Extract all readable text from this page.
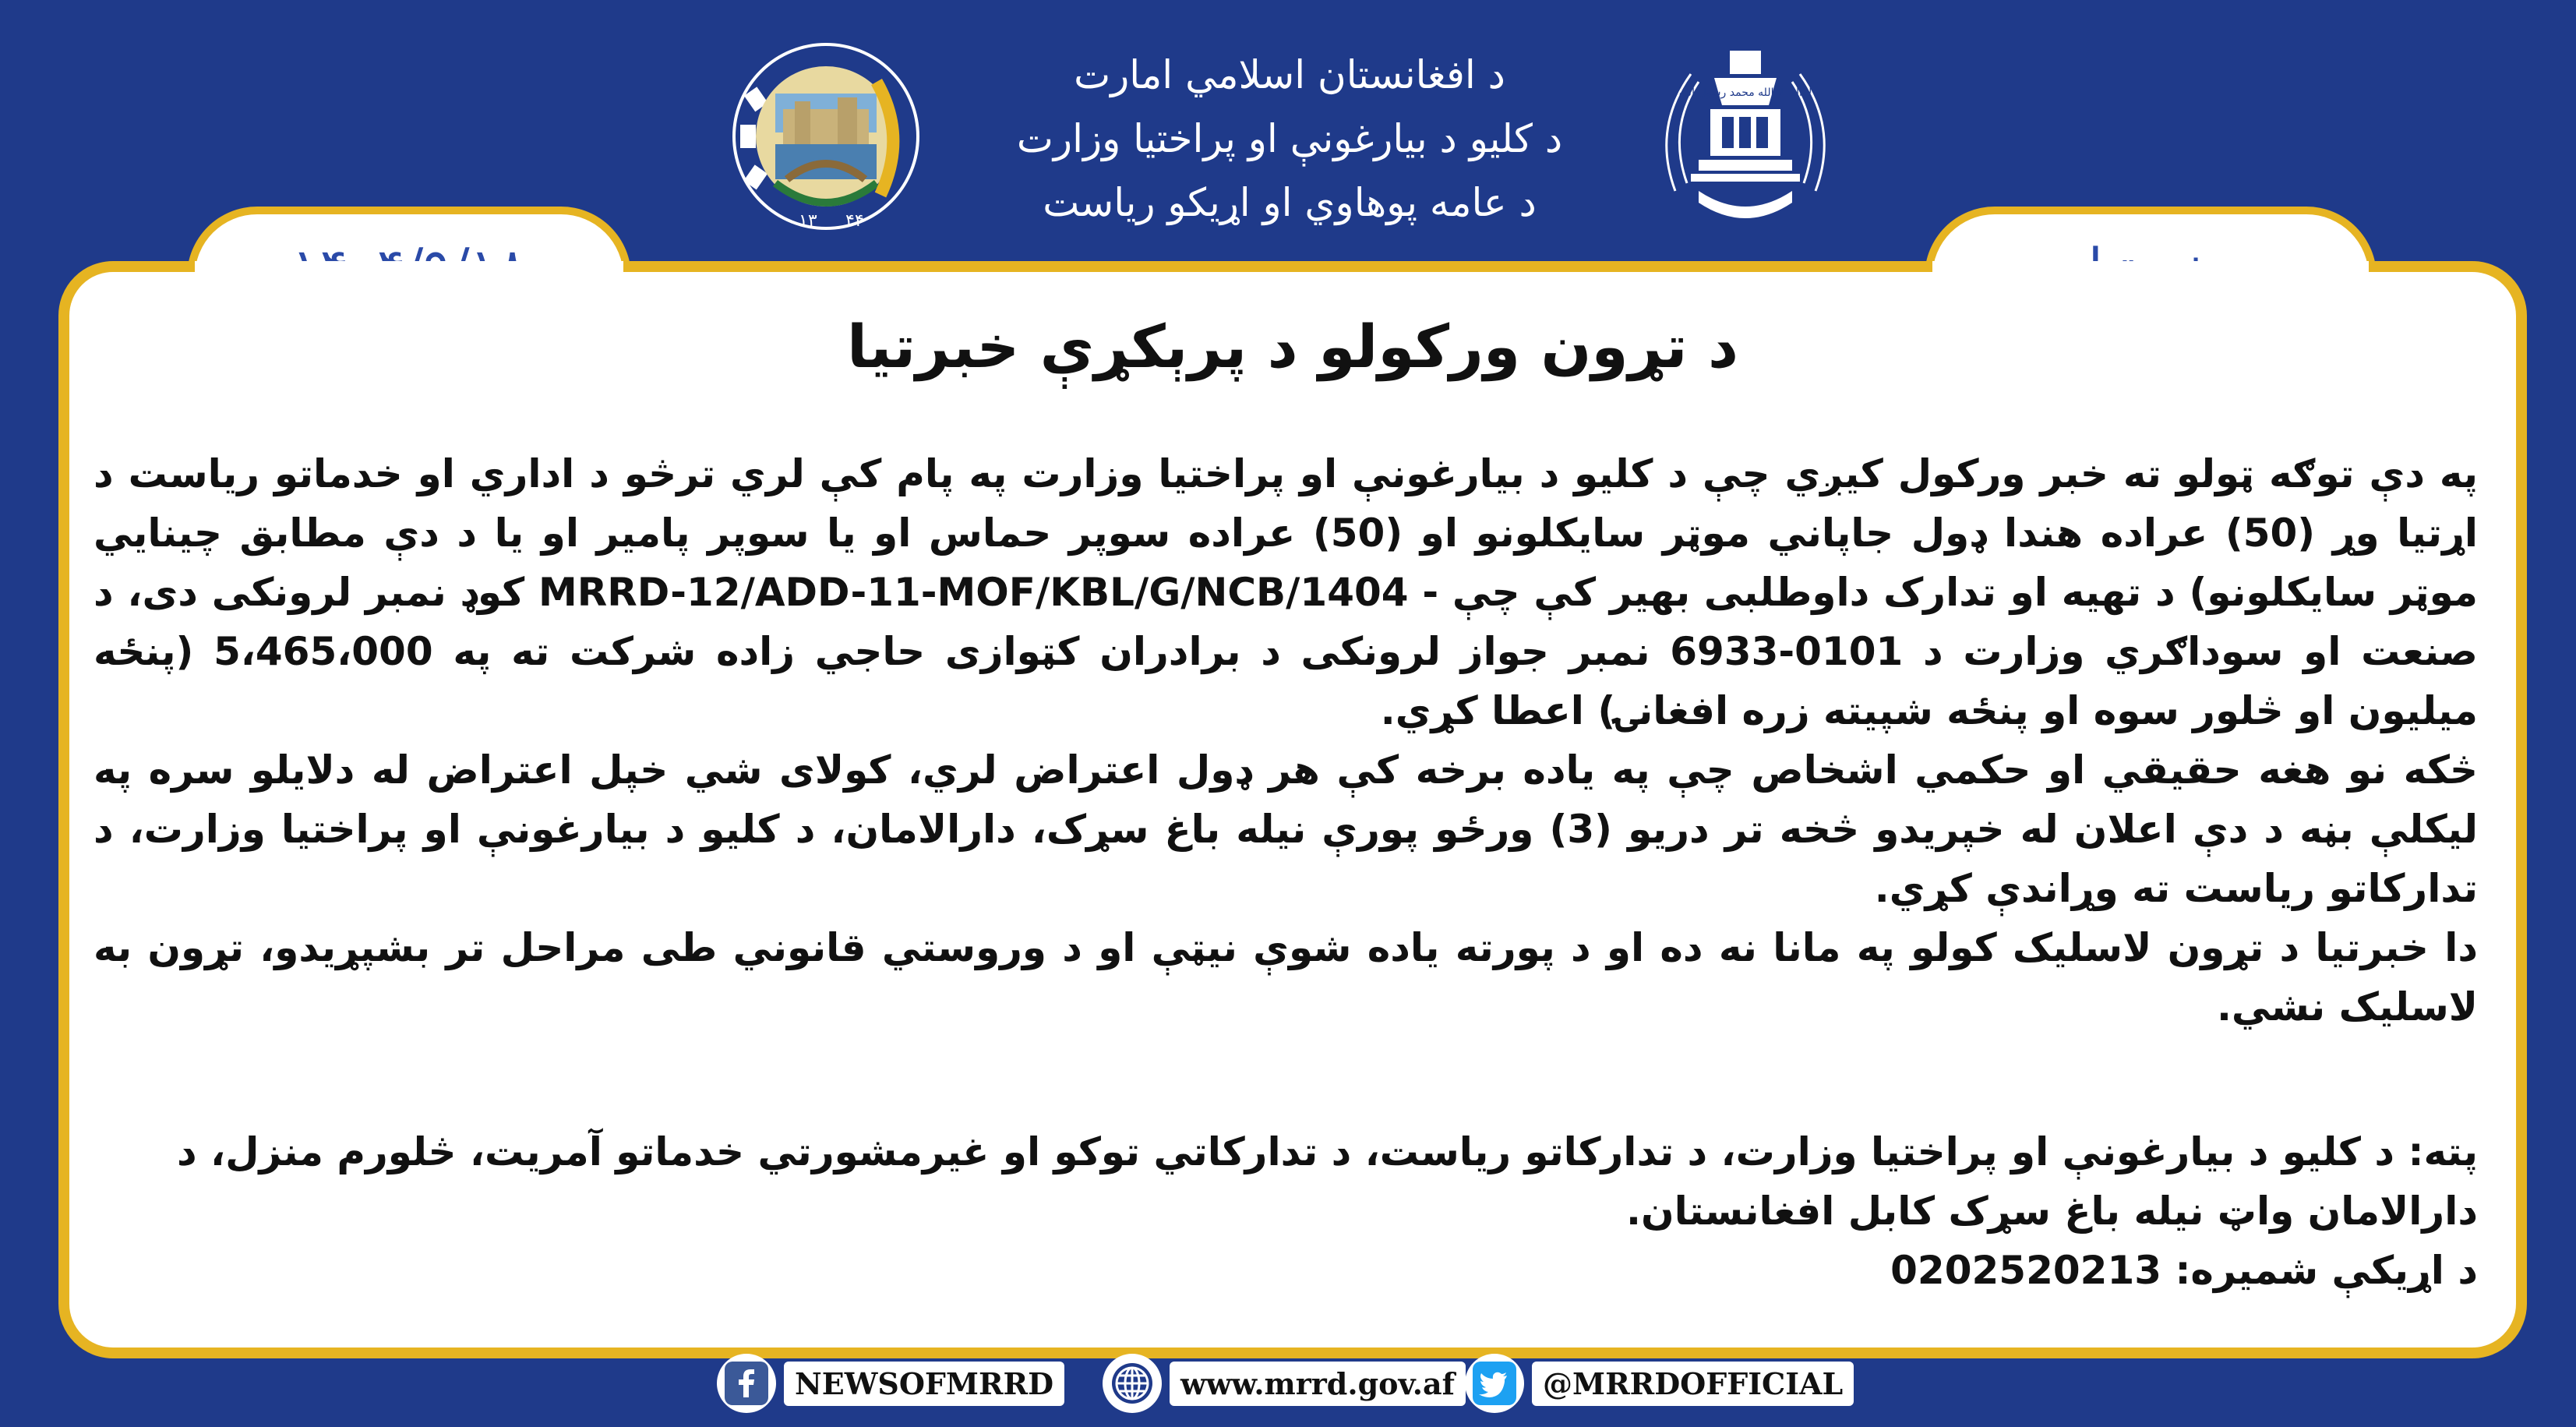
د افغانستان اسلامي امارت
د کليو د بيارغونې او پراختيا وزارت
د عامه پوهاوي او اړيکو رياست
۱۳ ۴۴
لا اله الا الله محمد رسول الله
د تړون ورکولو د پرېکړې خبرتيا

په دې توګه ټولو ته خبر ورکول کيږي چې د کليو د بيارغونې او پراختيا وزارت په پام کې لري ترڅو د اداري او خدماتو رياست د اړتيا وړ (50) عراده هندا ډول جاپاني موټر سايکلونو او (50) عراده سوپر حماس او يا سوپر پامير او يا د دې مطابق چينايي موټر سايکلونو) د تهيه او تدارک داوطلبی بهير کې چې - MRRD-12/ADD-11-MOF/KBL/G/NCB/1404 کوډ نمبر لرونکی دی، د صنعت او سوداګري وزارت د 0101-6933 نمبر جواز لرونکی د برادران کټوازی حاجي زاده شرکت ته په 5،465،000 (پنځه ميليون او څلور سوه او پنځه شپيته زره افغانۍ) اعطا کړي.

څکه نو هغه حقيقي او حکمي اشخاص چې په ياده برخه کې هر ډول اعتراض لري، کولای شي خپل اعتراض له دلايلو سره په ليکلې بڼه د دې اعلان له خپريدو څخه تر دريو (3) ورځو پورې نيله باغ سړک، دارالامان، د کليو د بيارغونې او پراختيا وزارت، د تدارکاتو رياست ته وړاندې کړي.

دا خبرتيا د تړون لاسليک کولو په مانا نه ده او د پورته ياده شوې نيټې او د وروستي قانوني طی مراحل تر بشپړيدو، تړون به لاسليک نشي.

پته: د کليو د بيارغونې او پراختيا وزارت، د تدارکاتو رياست، د تدارکاتي توکو او غيرمشورتي خدماتو آمريت، څلورم منزل، د دارالامان واټ نيله باغ سړک کابل افغانستان.

د اړيکې شميره: 0202520213

NEWSOFMRRD	www.mrrd.gov.af	@MRRDOFFICIAL
